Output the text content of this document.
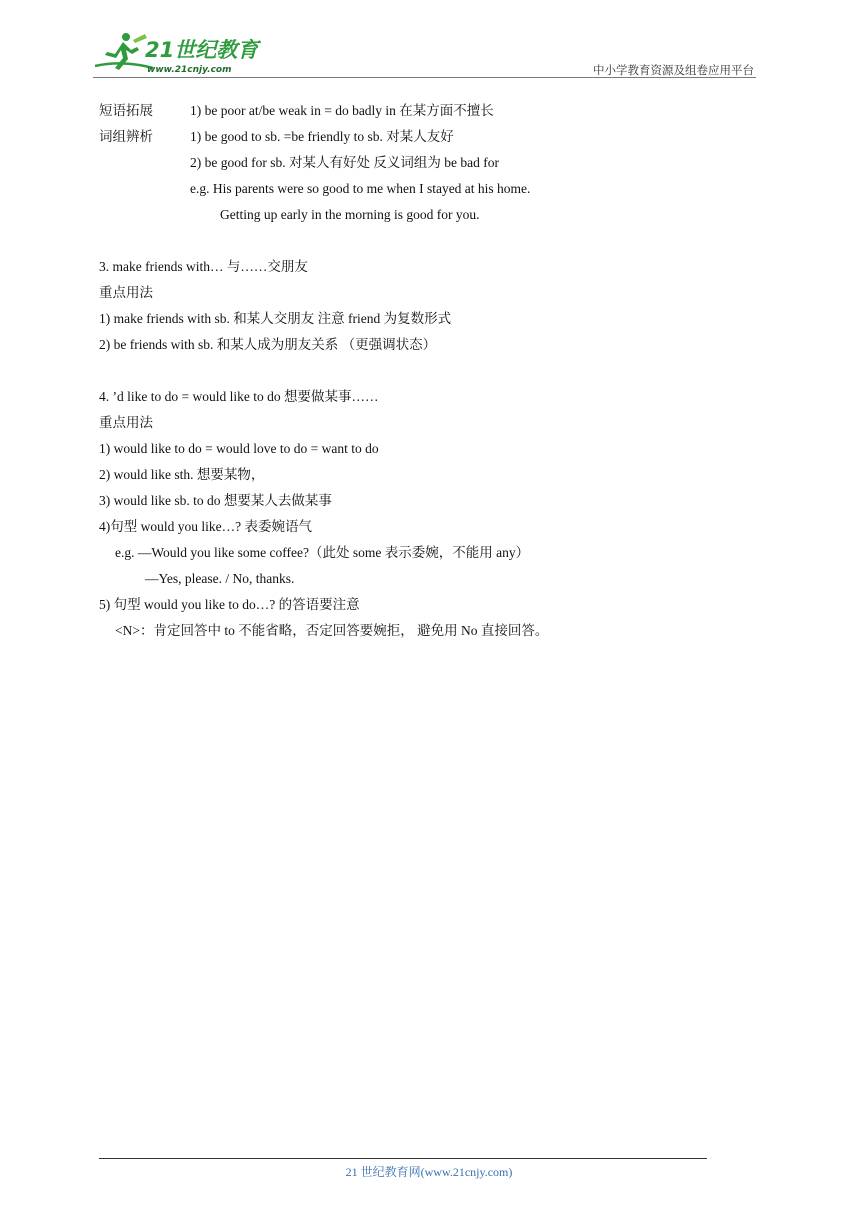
21世纪教育
www.21cnjy.com	中小学教育资源及组卷应用平台
短语拓展	1) be poor at/be weak in = do badly in 在某方面不擅长
词组辨析	1) be good to sb. =be friendly to sb. 对某人友好
2) be good for sb. 对某人有好处 反义词组为 be bad for
e.g. His parents were so good to me when I stayed at his home.
Getting up early in the morning is good for you.
3. make friends with… 与……交朋友
重点用法
1) make friends with sb. 和某人交朋友 注意 friend 为复数形式
2) be friends with sb. 和某人成为朋友关系 （更强调状态）
4. ’d like to do = would like to do 想要做某事……
重点用法
1) would like to do = would love to do = want to do
2) would like sth. 想要某物，
3) would like sb. to do 想要某人去做某事
4)句型 would you like…? 表委婉语气
e.g. —Would you like some coffee?（此处 some 表示委婉，不能用 any）
—Yes, please. / No, thanks.
5) 句型 would you like to do…? 的答语要注意
<N>：肯定回答中 to 不能省略，否定回答要婉拒， 避免用 No 直接回答。
21 世纪教育网(www.21cnjy.com)
